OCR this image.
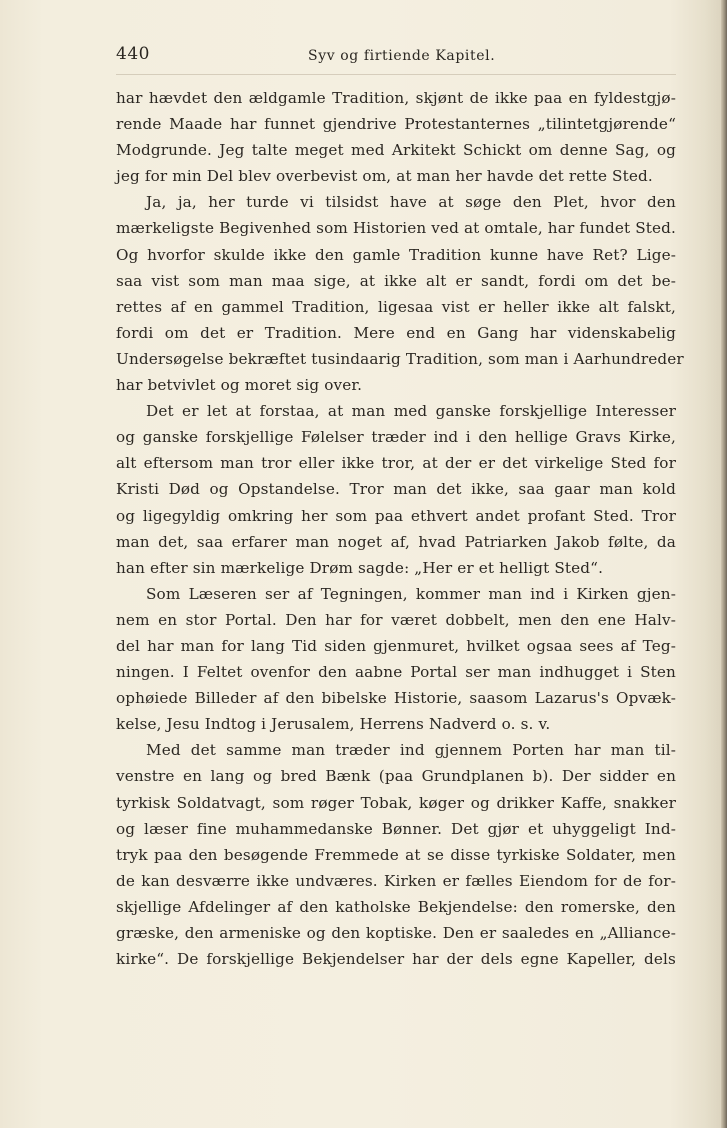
440	Syv og firtiende Kapitel.
har hævdet den ældgamle Tradition, skjønt de ikke paa en fyldestgjø-
rende Maade har funnet gjendrive Protestanternes „tilintetgjørende“
Modgrunde. Jeg talte meget med Arkitekt Schickt om denne Sag, og
jeg for min Del blev overbevist om, at man her havde det rette Sted.
Ja, ja, her turde vi tilsidst have at søge den Plet, hvor den
mærkeligste Begivenhed som Historien ved at omtale, har fundet Sted.
Og hvorfor skulde ikke den gamle Tradition kunne have Ret? Lige-
saa vist som man maa sige, at ikke alt er sandt, fordi om det be-
rettes af en gammel Tradition, ligesaa vist er heller ikke alt falskt,
fordi om det er Tradition. Mere end en Gang har videnskabelig
Undersøgelse bekræftet tusindaarig Tradition, som man i Aarhundreder
har betvivlet og moret sig over.
Det er let at forstaa, at man med ganske forskjellige Interesser
og ganske forskjellige Følelser træder ind i den hellige Gravs Kirke,
alt eftersom man tror eller ikke tror, at der er det virkelige Sted for
Kristi Død og Opstandelse. Tror man det ikke, saa gaar man kold
og ligegyldig omkring her som paa ethvert andet profant Sted. Tror
man det, saa erfarer man noget af, hvad Patriarken Jakob følte, da
han efter sin mærkelige Drøm sagde: „Her er et helligt Sted“.
Som Læseren ser af Tegningen, kommer man ind i Kirken gjen-
nem en stor Portal. Den har for været dobbelt, men den ene Halv-
del har man for lang Tid siden gjenmuret, hvilket ogsaa sees af Teg-
ningen. I Feltet ovenfor den aabne Portal ser man indhugget i Sten
ophøiede Billeder af den bibelske Historie, saasom Lazarus's Opvæk-
kelse, Jesu Indtog i Jerusalem, Herrens Nadverd o. s. v.
Med det samme man træder ind gjennem Porten har man til-
venstre en lang og bred Bænk (paa Grundplanen b). Der sidder en
tyrkisk Soldatvagt, som røger Tobak, køger og drikker Kaffe, snakker
og læser fine muhammedanske Bønner. Det gjør et uhyggeligt Ind-
tryk paa den besøgende Fremmede at se disse tyrkiske Soldater, men
de kan desværre ikke undværes. Kirken er fælles Eiendom for de for-
skjellige Afdelinger af den katholske Bekjendelse: den romerske, den
græske, den armeniske og den koptiske. Den er saaledes en „Alliance-
kirke“. De forskjellige Bekjendelser har der dels egne Kapeller, dels
